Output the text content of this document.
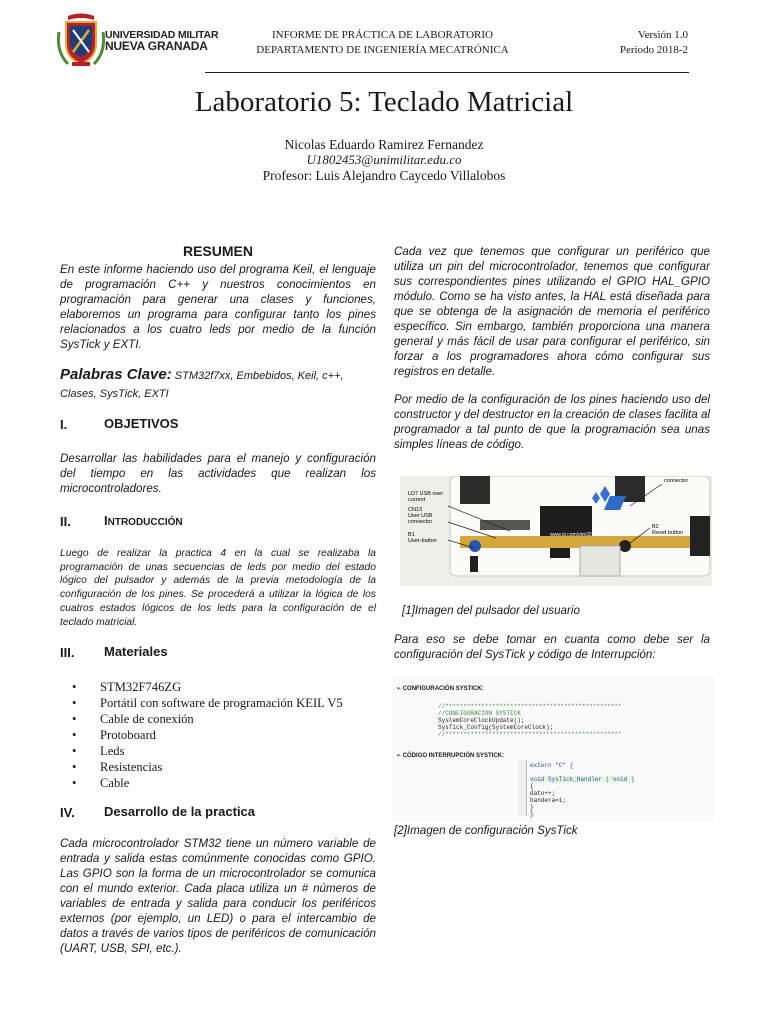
UNIVERSIDAD MILITAR
NUEVA GRANADA
INFORME DE PRÁCTICA DE LABORATORIO
DEPARTAMENTO DE INGENIERÍA MECATRÓNICA
Versión 1.0
Periodo 2018-2
Laboratorio 5: Teclado Matricial
Nicolas Eduardo Ramirez Fernandez
U1802453@unimilitar.edu.co
Profesor: Luis Alejandro Caycedo Villalobos
RESUMEN
En este informe haciendo uso del programa Keil, el lenguaje de programación C++ y nuestros conocimientos en programación para generar una clases y funciones, elaboremos un programa para configurar tanto los pines relacionados a los cuatro leds por medio de la función SysTick y EXTI.
Palabras Clave: STM32f7xx, Embebidos, Keil, c++, Clases, SysTick, EXTI
I.	OBJETIVOS
Desarrollar las habilidades para el manejo y configuración del tiempo en las actividades que realizan los microcontroladores.
II.	INTRODUCCIÓN
Luego de realizar la practica 4 en la cual se realizaba la programación de unas secuencias de leds por medio del estado lógico del pulsador y además de la previa metodología de la configuración de los pines. Se procederá a utilizar la lógica de los cuatros estados lógicos de los leds para la configuración de el teclado matricial.
III. Materiales
• STM32F746ZG
• Portátil con software de programación KEIL V5
• Cable de conexión
• Protoboard
• Leds
• Resistencias
• Cable
IV. Desarrollo de la practica
Cada microcontrolador STM32 tiene un número variable de entrada y salida estas comúnmente conocidas como GPIO. Las GPIO son la forma de un microcontrolador se comunica con el mundo exterior. Cada placa utiliza un # números de variables de entrada y salida para conducir los periféricos externos (por ejemplo, un LED) o para el intercambio de datos a través de varios tipos de periféricos de comunicación (UART, USB, SPI, etc.).
Cada vez que tenemos que configurar un periférico que utiliza un pin del microcontrolador, tenemos que configurar sus correspondientes pines utilizando el GPIO HAL_GPIO módulo. Como se ha visto antes, la HAL está diseñada para que se obtenga de la asignación de memoria el periférico específico. Sin embargo, también proporciona una manera general y más fácil de usar para configurar el periférico, sin forzar a los programadores ahora cómo configurar sus registros en detalle.
Por medio de la configuración de los pines haciendo uso del constructor y del destructor en la creación de clases facilita al programador a tal punto de que la programación sea unas simples líneas de código.
LD7 USB over
current
CN13
User USB
connector
B1
User-button
B2
Reset button
connector
www.st.com/stm32nucleo
[1]Imagen del pulsador del usuario
Para eso se debe tomar en cuanta como debe ser la configuración del SysTick y código de Interrupción:
➢ CONFIGURACIÓN SYSTICK:
//*************************************************
//CONFIGURACION SYSTICK
SystemCoreClockUpdate();
SysTick_Config(SystemCoreClock);
//*************************************************
➢ CÓDIGO INTERRUPCIÓN SYSTICK:
extern "C" {
void SysTick_Handler ( void )
{
dato++;
bandera=1;
}
}
[2]Imagen de configuración SysTick
